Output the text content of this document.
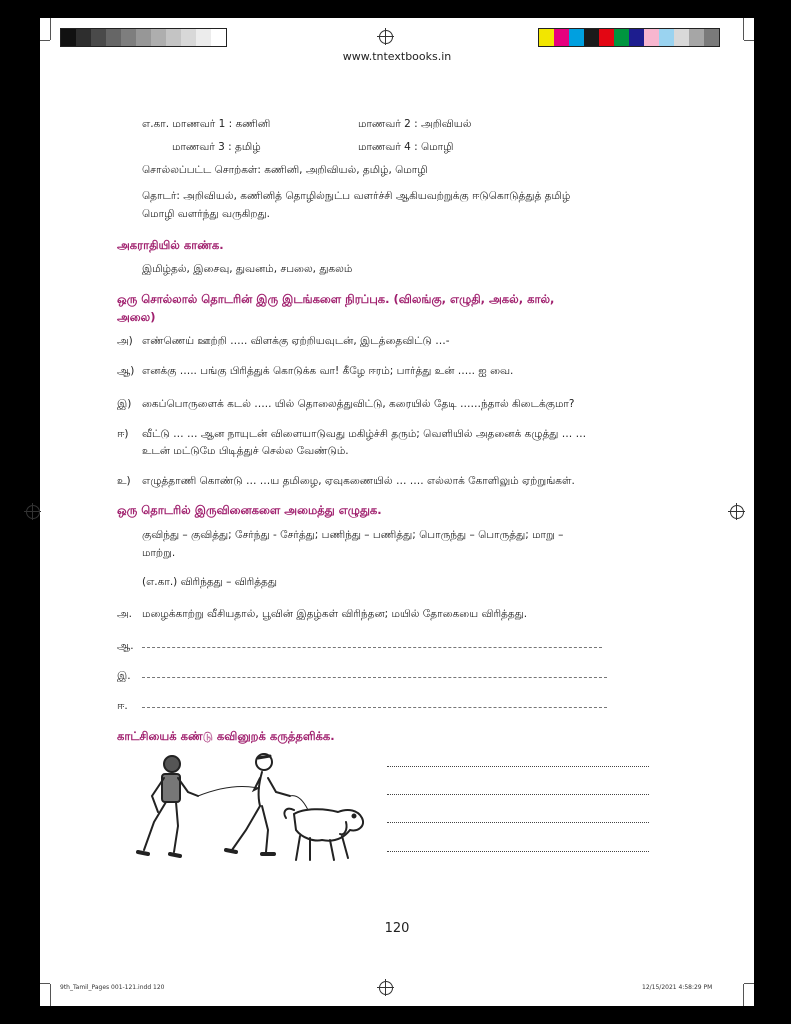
www.tntextbooks.in
எ.கா. மாணவர் 1 : கணினி	மாணவர் 2 : அறிவியல்
மாணவர் 3 : தமிழ்	மாணவர் 4 : மொழி
சொல்லப்பட்ட சொற்கள்: கணினி, அறிவியல், தமிழ், மொழி
தொடர்: அறிவியல், கணினித் தொழில்நுட்ப வளர்ச்சி ஆகியவற்றுக்கு ஈடுகொடுத்துத் தமிழ்
மொழி வளர்ந்து வருகிறது.
அகராதியில் காண்க.
இமிழ்தல், இசைவு, துவனம், சபலை, துகலம்
ஒரு சொல்லால் தொடரின் இரு இடங்களை நிரப்புக. (விலங்கு, எழுதி, அகல், கால்,
அலை)
அ) எண்ணெய் ஊற்றி ….. விளக்கு ஏற்றியவுடன், இடத்தைவிட்டு …-
ஆ) எனக்கு ….. பங்கு பிரித்துக் கொடுக்க வா! கீழே ஈரம்; பார்த்து உன் ….. ஐ வை.
இ) கைப்பொருளைக் கடல் ….. யில் தொலைத்துவிட்டு, கரையில் தேடி ……ந்தால் கிடைக்குமா?
ஈ) வீட்டு … … ஆன நாயுடன் விளையாடுவது மகிழ்ச்சி தரும்; வெளியில் அதனைக் கழுத்து … …
உடன் மட்டுமே பிடித்துச் செல்ல வேண்டும்.
உ) எழுத்தாணி கொண்டு … …ய தமிழை, ஏவுகணையில் … …. எல்லாக் கோளிலும் ஏற்றுங்கள்.
ஒரு தொடரில் இருவினைகளை அமைத்து எழுதுக.
குவிந்து – குவித்து; சேர்ந்து - சேர்த்து; பணிந்து – பணித்து; பொருந்து – பொருத்து; மாறு –
மாற்று.
(எ.கா.) விரிந்தது – விரித்தது
அ. மழைக்காற்று வீசியதால், பூவின் இதழ்கள் விரிந்தன; மயில் தோகையை விரித்தது.
ஆ.
இ.
ஈ.
காட்சியைக் கண்டு கவினுறக் கருத்தளிக்க.
120
9th_Tamil_Pages 001-121.indd 120	12/15/2021 4:58:29 PM
